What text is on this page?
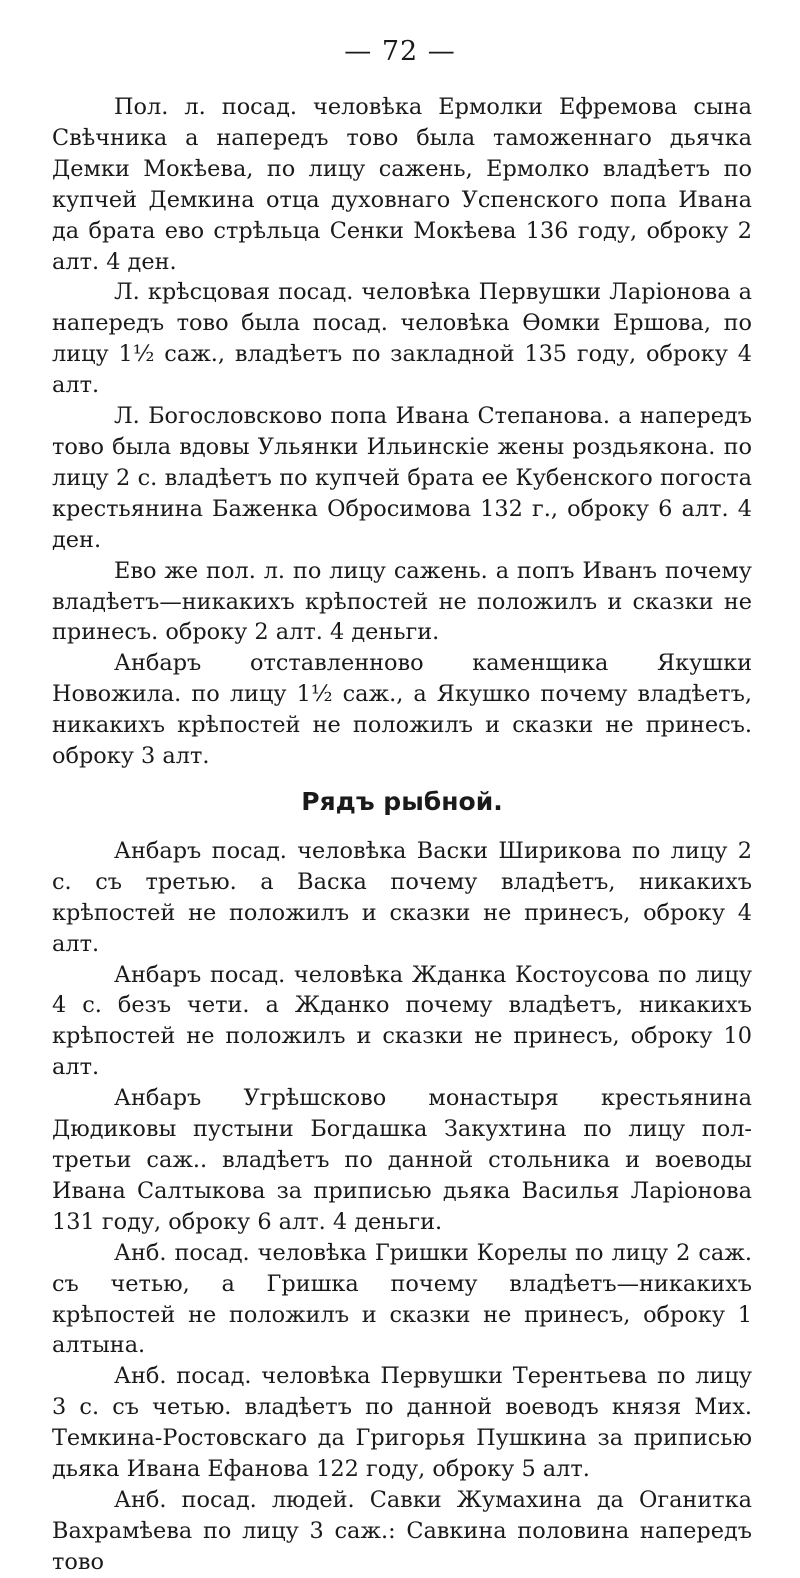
— 72 —

Пол. л. посад. человѣка Ермолки Ефремова сына Свѣчника а напередъ тово была таможеннаго дьячка Демки Мокѣева, по лицу сажень, Ермолко владѣетъ по купчей Демкина отца духовнаго Успенского попа Ивана да брата ево стрѣльца Сенки Мокѣева 136 году, оброку 2 алт. 4 ден.

Л. крѣсцовая посад. человѣка Первушки Ларіонова а напередъ тово была посад. человѣка Ѳомки Ершова, по лицу 1½ саж., владѣетъ по закладной 135 году, оброку 4 алт.

Л. Богословсково попа Ивана Степанова. а напередъ тово была вдовы Ульянки Ильинскіе жены роздьякона. по лицу 2 с. владѣетъ по купчей брата ее Кубенского погоста крестьянина Баженка Обросимова 132 г., оброку 6 алт. 4 ден.

Ево же пол. л. по лицу сажень. а попъ Иванъ почему владѣетъ—никакихъ крѣпостей не положилъ и сказки не принесъ. оброку 2 алт. 4 деньги.

Анбаръ отставленново каменщика Якушки Новожила. по лицу 1½ саж., а Якушко почему владѣетъ, никакихъ крѣпостей не положилъ и сказки не принесъ. оброку 3 алт.

Рядъ рыбной.

Анбаръ посад. человѣка Васки Ширикова по лицу 2 с. съ третью. а Васка почему владѣетъ, никакихъ крѣпостей не положилъ и сказки не принесъ, оброку 4 алт.

Анбаръ посад. человѣка Жданка Костоусова по лицу 4 с. безъ чети. а Жданко почему владѣетъ, никакихъ крѣпостей не положилъ и сказки не принесъ, оброку 10 алт.

Анбаръ Угрѣшсково монастыря крестьянина Дюдиковы пустыни Богдашка Закухтина по лицу пол-третьи саж.. владѣетъ по данной стольника и воеводы Ивана Салтыкова за приписью дьяка Василья Ларіонова 131 году, оброку 6 алт. 4 деньги.

Анб. посад. человѣка Гришки Корелы по лицу 2 саж. съ четью, а Гришка почему владѣетъ—никакихъ крѣпостей не положилъ и сказки не принесъ, оброку 1 алтына.

Анб. посад. человѣка Первушки Терентьева по лицу 3 с. съ четью. владѣетъ по данной воеводъ князя Мих. Темкина-Ростовскаго да Григорья Пушкина за приписью дьяка Ивана Ефанова 122 году, оброку 5 алт.

Анб. посад. людей. Савки Жумахина да Оганитка Вахрамѣева по лицу 3 саж.: Савкина половина напередъ тово
